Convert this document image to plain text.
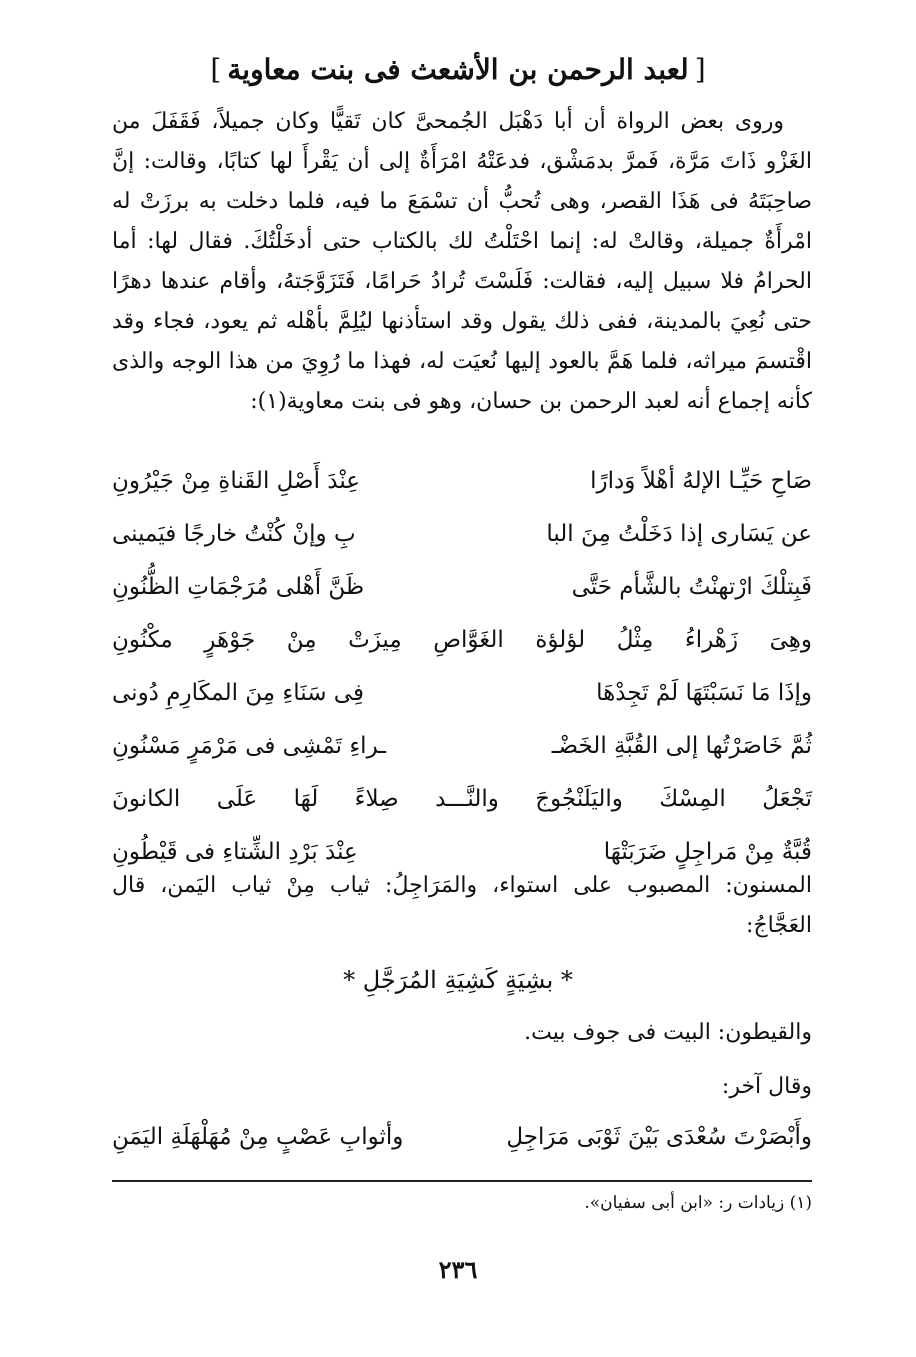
[لعبد الرحمن بن الأشعث فى بنت معاوية]

وروى بعض الرواة أن أبا دَهْبَل الجُمحىَّ كان تَقيًّا وكان جميلاً، فَقَفَلَ من الغَزْو ذَاتَ مَرَّة، فَمرَّ بدمَشْق، فدعَتْهُ امْرَأَةٌ إلى أن يَقْرأَ لها كتابًا، وقالت: إنَّ صاحِبَتَهُ فى هَذَا القصر، وهى تُحبُّ أن تسْمَعَ ما فيه، فلما دخلت به برزَتْ له امْرأَةٌ جميلة، وقالتْ له: إنما احْتَلْتُ لك بالكتاب حتى أدخَلْتُكَ. فقال لها: أما الحرامُ فلا سبيل إليه، فقالت: فَلَسْتَ تُرادُ حَرامًا، فَتَزَوَّجَتهُ، وأقام عندها دهرًا حتى نُعِيَ بالمدينة، ففى ذلك يقول وقد استأذنها ليُلِمَّ بأهْله ثم يعود، فجاء وقد اقْتسمَ ميراثه، فلما هَمَّ بالعود إليها نُعيَت له، فهذا ما رُوِيَ من هذا الوجه والذى كأنه إجماع أنه لعبد الرحمن بن حسان، وهو فى بنت معاوية(١):

صَاحِ حَيِّـا الإلهُ أهْلاً وَدارًا
عِنْدَ أَصْلِ القَناةِ مِنْ جَيْرُونِ
عن يَسَارى إذا دَخَلْتُ مِنَ البا
بِ وإنْ كُنْتُ خارجًا فيَمينى
فَبِتلْكَ ارْتهنْتُ بالشَّأم حَتَّى
ظَنَّ أَهْلى مُرَجْمَاتِ الظُّنُونِ
وهِىَ زَهْراءُ مِثْلُ لؤلؤة الغَوَّاصِ مِيزَتْ مِنْ جَوْهَرٍ مكْنُونِ
وإذَا مَا نَسَبْتَهَا لَمْ تَجِدْهَا
فِى سَنَاءِ مِنَ المكَارِمِ دُونى
ثُمَّ خَاصَرْتُها إلى القُبَّةِ الخَضْـ
ـراءِ تَمْشِى فى مَرْمَرٍ مَسْنُونِ
تَجْعَلُ المِسْكَ واليَلَنْجُوجَ والنَّـــد صِلاءً لَهَا عَلَى الكانونَ
قُبَّةٌ مِنْ مَراجِلٍ ضَرَبَتْهَا
عِنْدَ بَرْدِ الشِّتاءِ فى قَيْطُونِ

المسنون: المصبوب على استواء، والمَرَاجِلُ: ثياب مِنْ ثياب اليَمن، قال العَجَّاجُ:

* بشِيَةٍ كَشِيَةِ المُرَجَّلِ *
والقيطون: البيت فى جوف بيت.
وقال آخر:
وأَبْصَرْتَ سُعْدَى بَيْنَ ثَوْبَى مَرَاجِلِ
وأثوابِ عَصْبٍ مِنْ مُهَلْهَلَةِ اليَمَنِ
(١) زيادات ر: «ابن أبى سفيان».
٢٣٦
